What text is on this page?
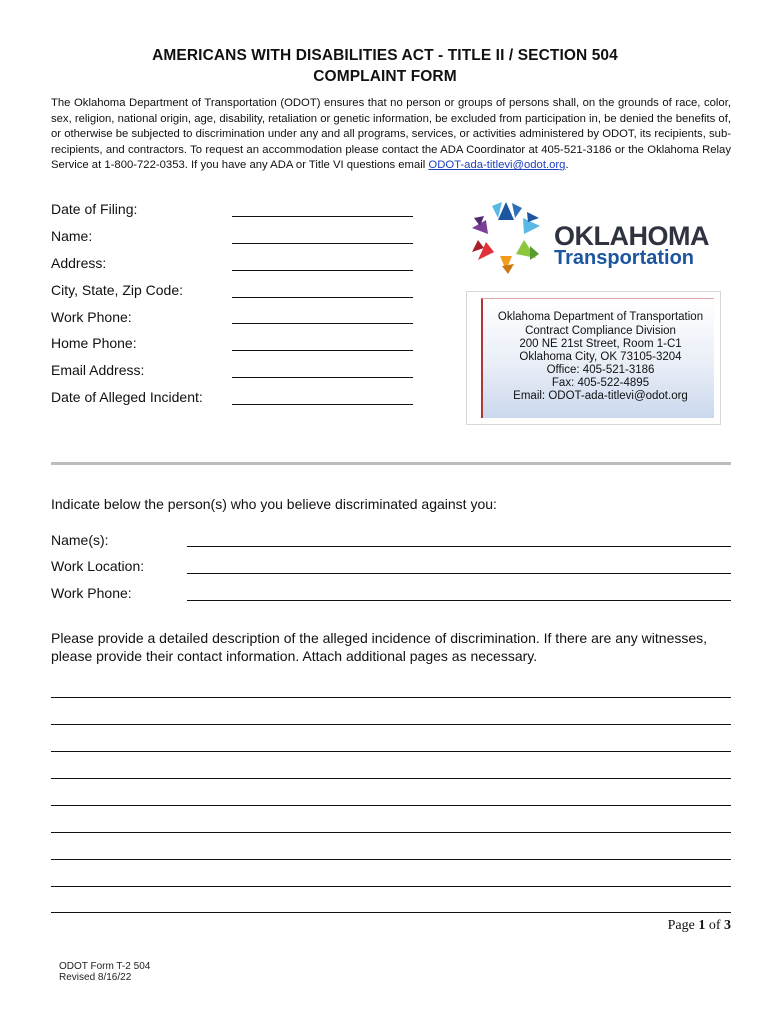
AMERICANS WITH DISABILITIES ACT - TITLE II / SECTION 504
COMPLAINT FORM
The Oklahoma Department of Transportation (ODOT) ensures that no person or groups of persons shall, on the grounds of race, color, sex, religion, national origin, age, disability, retaliation or genetic information, be excluded from participation in, be denied the benefits of, or otherwise be subjected to discrimination under any and all programs, services, or activities administered by ODOT, its recipients, sub-recipients, and contractors. To request an accommodation please contact the ADA Coordinator at 405-521-3186 or the Oklahoma Relay Service at 1-800-722-0353. If you have any ADA or Title VI questions email ODOT-ada-titlevi@odot.org.
Date of Filing:
Name:
Address:
City, State, Zip Code:
Work Phone:
Home Phone:
Email Address:
Date of Alleged Incident:
OKLAHOMA
Transportation
Oklahoma Department of Transportation
Contract Compliance Division
200 NE 21st Street, Room 1-C1
Oklahoma City, OK 73105-3204
Office: 405-521-3186
Fax: 405-522-4895
Email: ODOT-ada-titlevi@odot.org
Indicate below the person(s) who you believe discriminated against you:
Name(s):
Work Location:
Work Phone:
Please provide a detailed description of the alleged incidence of discrimination. If there are any witnesses, please provide their contact information. Attach additional pages as necessary.
Page 1 of 3
ODOT Form T-2 504
Revised 8/16/22
